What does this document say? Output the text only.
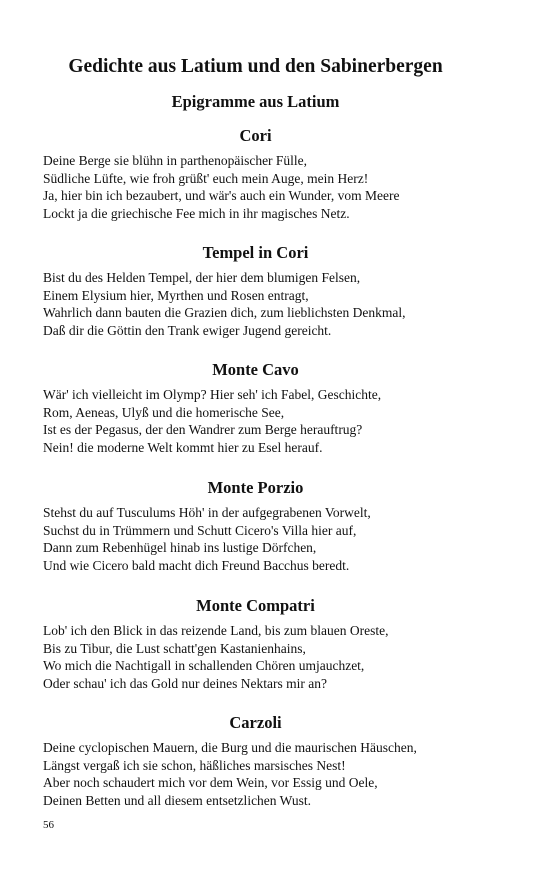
Gedichte aus Latium und den Sabinerbergen
Epigramme aus Latium
Cori
Deine Berge sie blühn in parthenopäischer Fülle,
Südliche Lüfte, wie froh grüßt' euch mein Auge, mein Herz!
Ja, hier bin ich bezaubert, und wär's auch ein Wunder, vom Meere
Lockt ja die griechische Fee mich in ihr magisches Netz.
Tempel in Cori
Bist du des Helden Tempel, der hier dem blumigen Felsen,
Einem Elysium hier, Myrthen und Rosen entragt,
Wahrlich dann bauten die Grazien dich, zum lieblichsten Denkmal,
Daß dir die Göttin den Trank ewiger Jugend gereicht.
Monte Cavo
Wär' ich vielleicht im Olymp? Hier seh' ich Fabel, Geschichte,
Rom, Aeneas, Ulyß und die homerische See,
Ist es der Pegasus, der den Wandrer zum Berge herauftrug?
Nein! die moderne Welt kommt hier zu Esel herauf.
Monte Porzio
Stehst du auf Tusculums Höh' in der aufgegrabenen Vorwelt,
Suchst du in Trümmern und Schutt Cicero's Villa hier auf,
Dann zum Rebenhügel hinab ins lustige Dörfchen,
Und wie Cicero bald macht dich Freund Bacchus beredt.
Monte Compatri
Lob' ich den Blick in das reizende Land, bis zum blauen Oreste,
Bis zu Tibur, die Lust schatt'gen Kastanienhains,
Wo mich die Nachtigall in schallenden Chören umjauchzet,
Oder schau' ich das Gold nur deines Nektars mir an?
Carzoli
Deine cyclopischen Mauern, die Burg und die maurischen Häuschen,
Längst vergaß ich sie schon, häßliches marsisches Nest!
Aber noch schaudert mich vor dem Wein, vor Essig und Oele,
Deinen Betten und all diesem entsetzlichen Wust.
56
